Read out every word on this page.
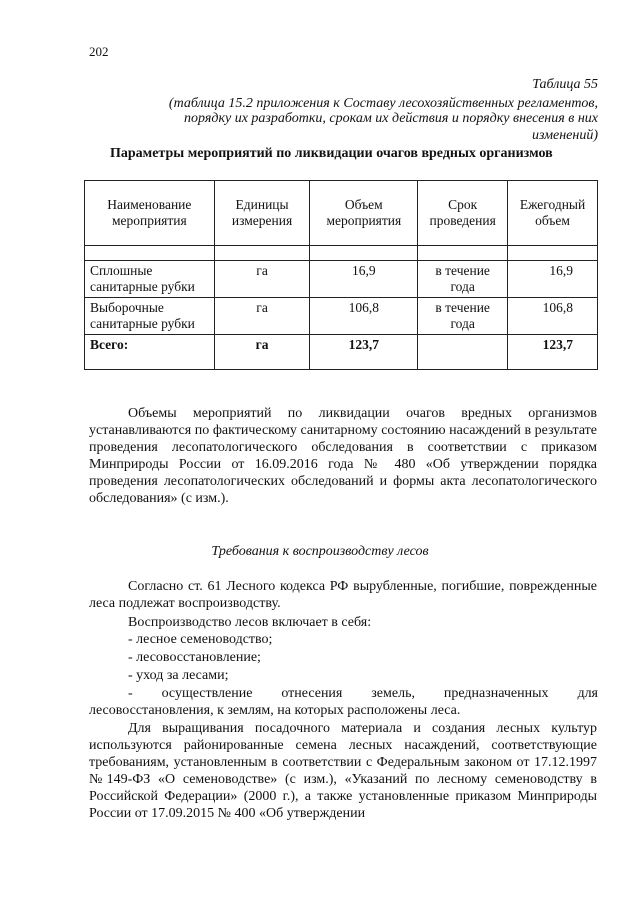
202
Таблица 55
(таблица 15.2 приложения к Составу лесохозяйственных регламентов,
порядку их разработки, срокам их действия и порядку внесения в них
изменений)
Параметры мероприятий по ликвидации очагов вредных организмов
Наименование мероприятия	Единицы измерения	Объем мероприятия	Срок проведения	Ежегодный объем

Сплошные санитарные рубки	га	16,9	в течение года	16,9
Выборочные санитарные рубки	га	106,8	в течение года	106,8
Всего:	га	123,7		123,7
Объемы мероприятий по ликвидации очагов вредных организмов устанавливаются по фактическому санитарному состоянию насаждений в результате проведения лесопатологического обследования в соответствии с приказом Минприроды России от 16.09.2016 года № 480 «Об утверждении порядка проведения лесопатологических обследований и формы акта лесопатологического обследования» (с изм.).
Требования к воспроизводству лесов
Согласно ст. 61 Лесного кодекса РФ вырубленные, погибшие, поврежденные леса подлежат воспроизводству.
Воспроизводство лесов включает в себя:
- лесное семеноводство;
- лесовосстановление;
- уход за лесами;
- осуществление отнесения земель, предназначенных для
лесовосстановления, к землям, на которых расположены леса.
Для выращивания посадочного материала и создания лесных культур используются районированные семена лесных насаждений, соответствующие требованиям, установленным в соответствии с Федеральным законом от 17.12.1997 №149-ФЗ «О семеноводстве» (с изм.), «Указаний по лесному семеноводству в Российской Федерации» (2000 г.), а также установленные приказом Минприроды России от 17.09.2015 № 400 «Об утверждении
